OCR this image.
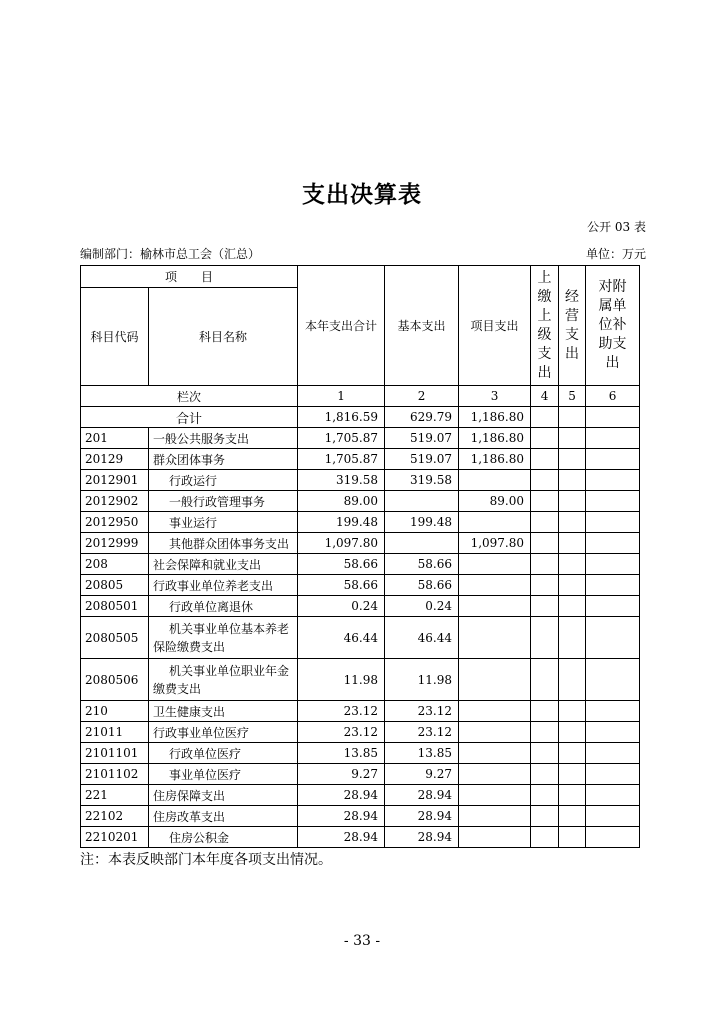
支出决算表
公开 03 表
编制部门：榆林市总工会（汇总）	单位：万元
项　　目		本年支出合计	基本支出	项目支出	上缴上级支出	经营支出	对附属单位补助支出

科目代码	科目名称						
栏次		1	2	3	4	5	6
合计		1,816.59	629.79	1,186.80			
201	一般公共服务支出	1,705.87	519.07	1,186.80			
20129	群众团体事务	1,705.87	519.07	1,186.80			
2012901	行政运行	319.58	319.58				
2012902	一般行政管理事务	89.00		89.00			
2012950	事业运行	199.48	199.48				
2012999	其他群众团体事务支出	1,097.80		1,097.80			
208	社会保障和就业支出	58.66	58.66				
20805	行政事业单位养老支出	58.66	58.66				
2080501	行政单位离退休	0.24	0.24				
2080505	机关事业单位基本养老保险缴费支出	46.44	46.44				
2080506	机关事业单位职业年金缴费支出	11.98	11.98				
210	卫生健康支出	23.12	23.12				
21011	行政事业单位医疗	23.12	23.12				
2101101	行政单位医疗	13.85	13.85				
2101102	事业单位医疗	9.27	9.27				
221	住房保障支出	28.94	28.94				
22102	住房改革支出	28.94	28.94				
2210201	住房公积金	28.94	28.94				
注：本表反映部门本年度各项支出情况。
- 33 -
